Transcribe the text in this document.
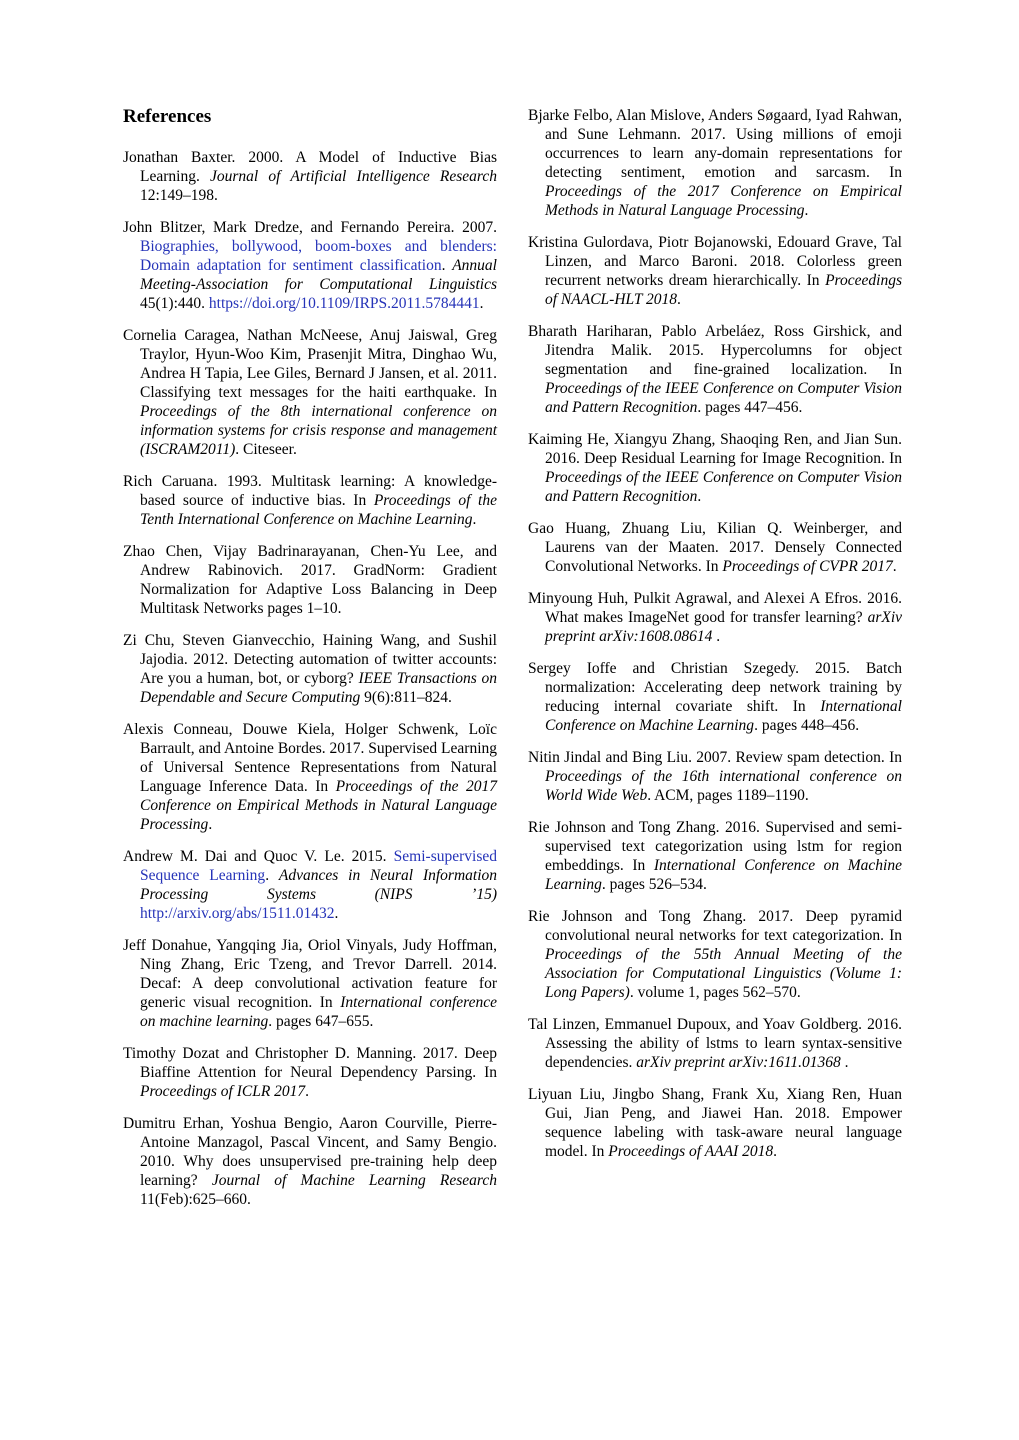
References

Jonathan Baxter. 2000. A Model of Inductive Bias Learning. Journal of Artificial Intelligence Research 12:149–198.

John Blitzer, Mark Dredze, and Fernando Pereira. 2007. Biographies, bollywood, boom-boxes and blenders: Domain adaptation for sentiment classification. Annual Meeting-Association for Computational Linguistics 45(1):440. https://doi.org/10.1109/IRPS.2011.5784441.

Cornelia Caragea, Nathan McNeese, Anuj Jaiswal, Greg Traylor, Hyun-Woo Kim, Prasenjit Mitra, Dinghao Wu, Andrea H Tapia, Lee Giles, Bernard J Jansen, et al. 2011. Classifying text messages for the haiti earthquake. In Proceedings of the 8th international conference on information systems for crisis response and management (ISCRAM2011). Citeseer.

Rich Caruana. 1993. Multitask learning: A knowledge-based source of inductive bias. In Proceedings of the Tenth International Conference on Machine Learning.

Zhao Chen, Vijay Badrinarayanan, Chen-Yu Lee, and Andrew Rabinovich. 2017. GradNorm: Gradient Normalization for Adaptive Loss Balancing in Deep Multitask Networks pages 1–10.

Zi Chu, Steven Gianvecchio, Haining Wang, and Sushil Jajodia. 2012. Detecting automation of twitter accounts: Are you a human, bot, or cyborg? IEEE Transactions on Dependable and Secure Computing 9(6):811–824.

Alexis Conneau, Douwe Kiela, Holger Schwenk, Loïc Barrault, and Antoine Bordes. 2017. Supervised Learning of Universal Sentence Representations from Natural Language Inference Data. In Proceedings of the 2017 Conference on Empirical Methods in Natural Language Processing.

Andrew M. Dai and Quoc V. Le. 2015. Semi-supervised Sequence Learning. Advances in Neural Information Processing Systems (NIPS ’15) http://arxiv.org/abs/1511.01432.

Jeff Donahue, Yangqing Jia, Oriol Vinyals, Judy Hoffman, Ning Zhang, Eric Tzeng, and Trevor Darrell. 2014. Decaf: A deep convolutional activation feature for generic visual recognition. In International conference on machine learning. pages 647–655.

Timothy Dozat and Christopher D. Manning. 2017. Deep Biaffine Attention for Neural Dependency Parsing. In Proceedings of ICLR 2017.

Dumitru Erhan, Yoshua Bengio, Aaron Courville, Pierre-Antoine Manzagol, Pascal Vincent, and Samy Bengio. 2010. Why does unsupervised pre-training help deep learning? Journal of Machine Learning Research 11(Feb):625–660.

Bjarke Felbo, Alan Mislove, Anders Søgaard, Iyad Rahwan, and Sune Lehmann. 2017. Using millions of emoji occurrences to learn any-domain representations for detecting sentiment, emotion and sarcasm. In Proceedings of the 2017 Conference on Empirical Methods in Natural Language Processing.

Kristina Gulordava, Piotr Bojanowski, Edouard Grave, Tal Linzen, and Marco Baroni. 2018. Colorless green recurrent networks dream hierarchically. In Proceedings of NAACL-HLT 2018.

Bharath Hariharan, Pablo Arbeláez, Ross Girshick, and Jitendra Malik. 2015. Hypercolumns for object segmentation and fine-grained localization. In Proceedings of the IEEE Conference on Computer Vision and Pattern Recognition. pages 447–456.

Kaiming He, Xiangyu Zhang, Shaoqing Ren, and Jian Sun. 2016. Deep Residual Learning for Image Recognition. In Proceedings of the IEEE Conference on Computer Vision and Pattern Recognition.

Gao Huang, Zhuang Liu, Kilian Q. Weinberger, and Laurens van der Maaten. 2017. Densely Connected Convolutional Networks. In Proceedings of CVPR 2017.

Minyoung Huh, Pulkit Agrawal, and Alexei A Efros. 2016. What makes ImageNet good for transfer learning? arXiv preprint arXiv:1608.08614 .

Sergey Ioffe and Christian Szegedy. 2015. Batch normalization: Accelerating deep network training by reducing internal covariate shift. In International Conference on Machine Learning. pages 448–456.

Nitin Jindal and Bing Liu. 2007. Review spam detection. In Proceedings of the 16th international conference on World Wide Web. ACM, pages 1189–1190.

Rie Johnson and Tong Zhang. 2016. Supervised and semi-supervised text categorization using lstm for region embeddings. In International Conference on Machine Learning. pages 526–534.

Rie Johnson and Tong Zhang. 2017. Deep pyramid convolutional neural networks for text categorization. In Proceedings of the 55th Annual Meeting of the Association for Computational Linguistics (Volume 1: Long Papers). volume 1, pages 562–570.

Tal Linzen, Emmanuel Dupoux, and Yoav Goldberg. 2016. Assessing the ability of lstms to learn syntax-sensitive dependencies. arXiv preprint arXiv:1611.01368 .

Liyuan Liu, Jingbo Shang, Frank Xu, Xiang Ren, Huan Gui, Jian Peng, and Jiawei Han. 2018. Empower sequence labeling with task-aware neural language model. In Proceedings of AAAI 2018.
